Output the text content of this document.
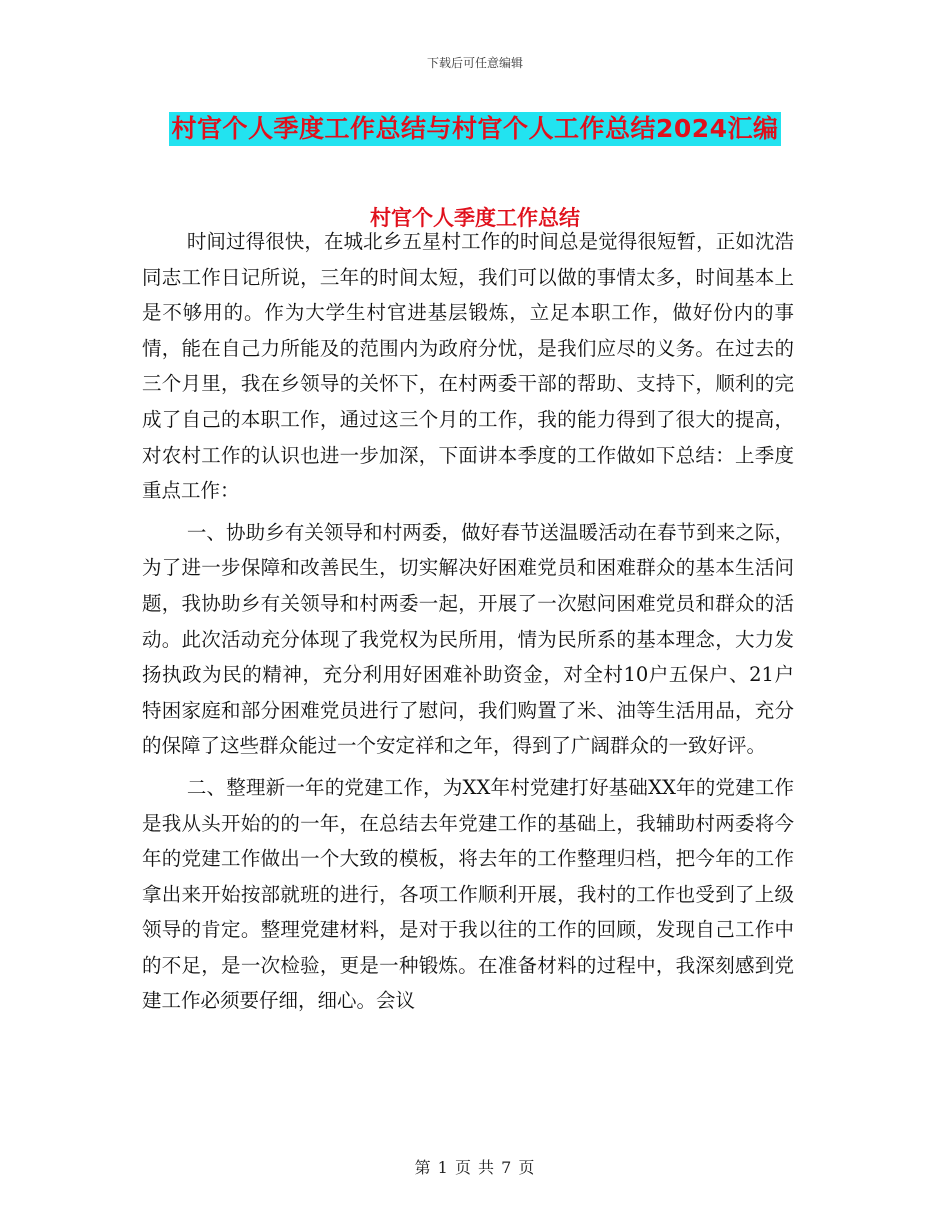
下载后可任意编辑
村官个人季度工作总结与村官个人工作总结2024汇编
村官个人季度工作总结

时间过得很快，在城北乡五星村工作的时间总是觉得很短暂，正如沈浩同志工作日记所说，三年的时间太短，我们可以做的事情太多，时间基本上是不够用的。作为大学生村官进基层锻炼，立足本职工作，做好份内的事情，能在自己力所能及的范围内为政府分忧，是我们应尽的义务。在过去的三个月里，我在乡领导的关怀下，在村两委干部的帮助、支持下，顺利的完成了自己的本职工作，通过这三个月的工作，我的能力得到了很大的提高，对农村工作的认识也进一步加深，下面讲本季度的工作做如下总结：上季度重点工作：

一、协助乡有关领导和村两委，做好春节送温暖活动在春节到来之际，为了进一步保障和改善民生，切实解决好困难党员和困难群众的基本生活问题，我协助乡有关领导和村两委一起，开展了一次慰问困难党员和群众的活动。此次活动充分体现了我党权为民所用，情为民所系的基本理念，大力发扬执政为民的精神，充分利用好困难补助资金，对全村10户五保户、21户特困家庭和部分困难党员进行了慰问，我们购置了米、油等生活用品，充分的保障了这些群众能过一个安定祥和之年，得到了广阔群众的一致好评。

二、整理新一年的党建工作，为XX年村党建打好基础XX年的党建工作是我从头开始的的一年，在总结去年党建工作的基础上，我辅助村两委将今年的党建工作做出一个大致的模板，将去年的工作整理归档，把今年的工作拿出来开始按部就班的进行，各项工作顺利开展，我村的工作也受到了上级领导的肯定。整理党建材料，是对于我以往的工作的回顾，发现自己工作中的不足，是一次检验，更是一种锻炼。在准备材料的过程中，我深刻感到党建工作必须要仔细，细心。会议

第 1 页 共 7 页
